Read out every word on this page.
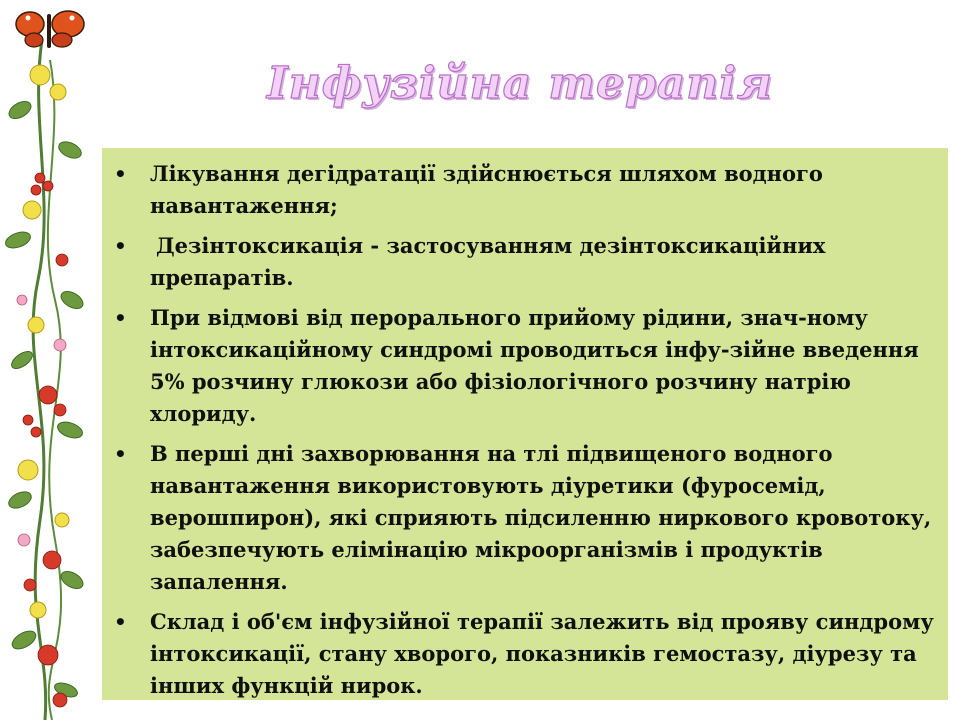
Інфузійна терапія
• Лікування дегідратації здійснюється шляхом водного навантаження;
• Дезінтоксикація - застосуванням дезінтоксикаційних препаратів.
• При відмові від перорального прийому рідини, знач-ному інтоксикаційному синдромі проводиться інфу-зійне введення 5% розчину глюкози або фізіологічного розчину натрію хлориду.
• В перші дні захворювання на тлі підвищеного водного навантаження використовують діуретики (фуросемід, верошпирон), які сприяють підсиленню ниркового кровотоку, забезпечують елімінацію мікроорганізмів і продуктів запалення.
• Склад і об'єм інфузійної терапії залежить від прояву синдрому інтоксикації, стану хворого, показників гемостазу, діурезу та інших функцій нирок.
